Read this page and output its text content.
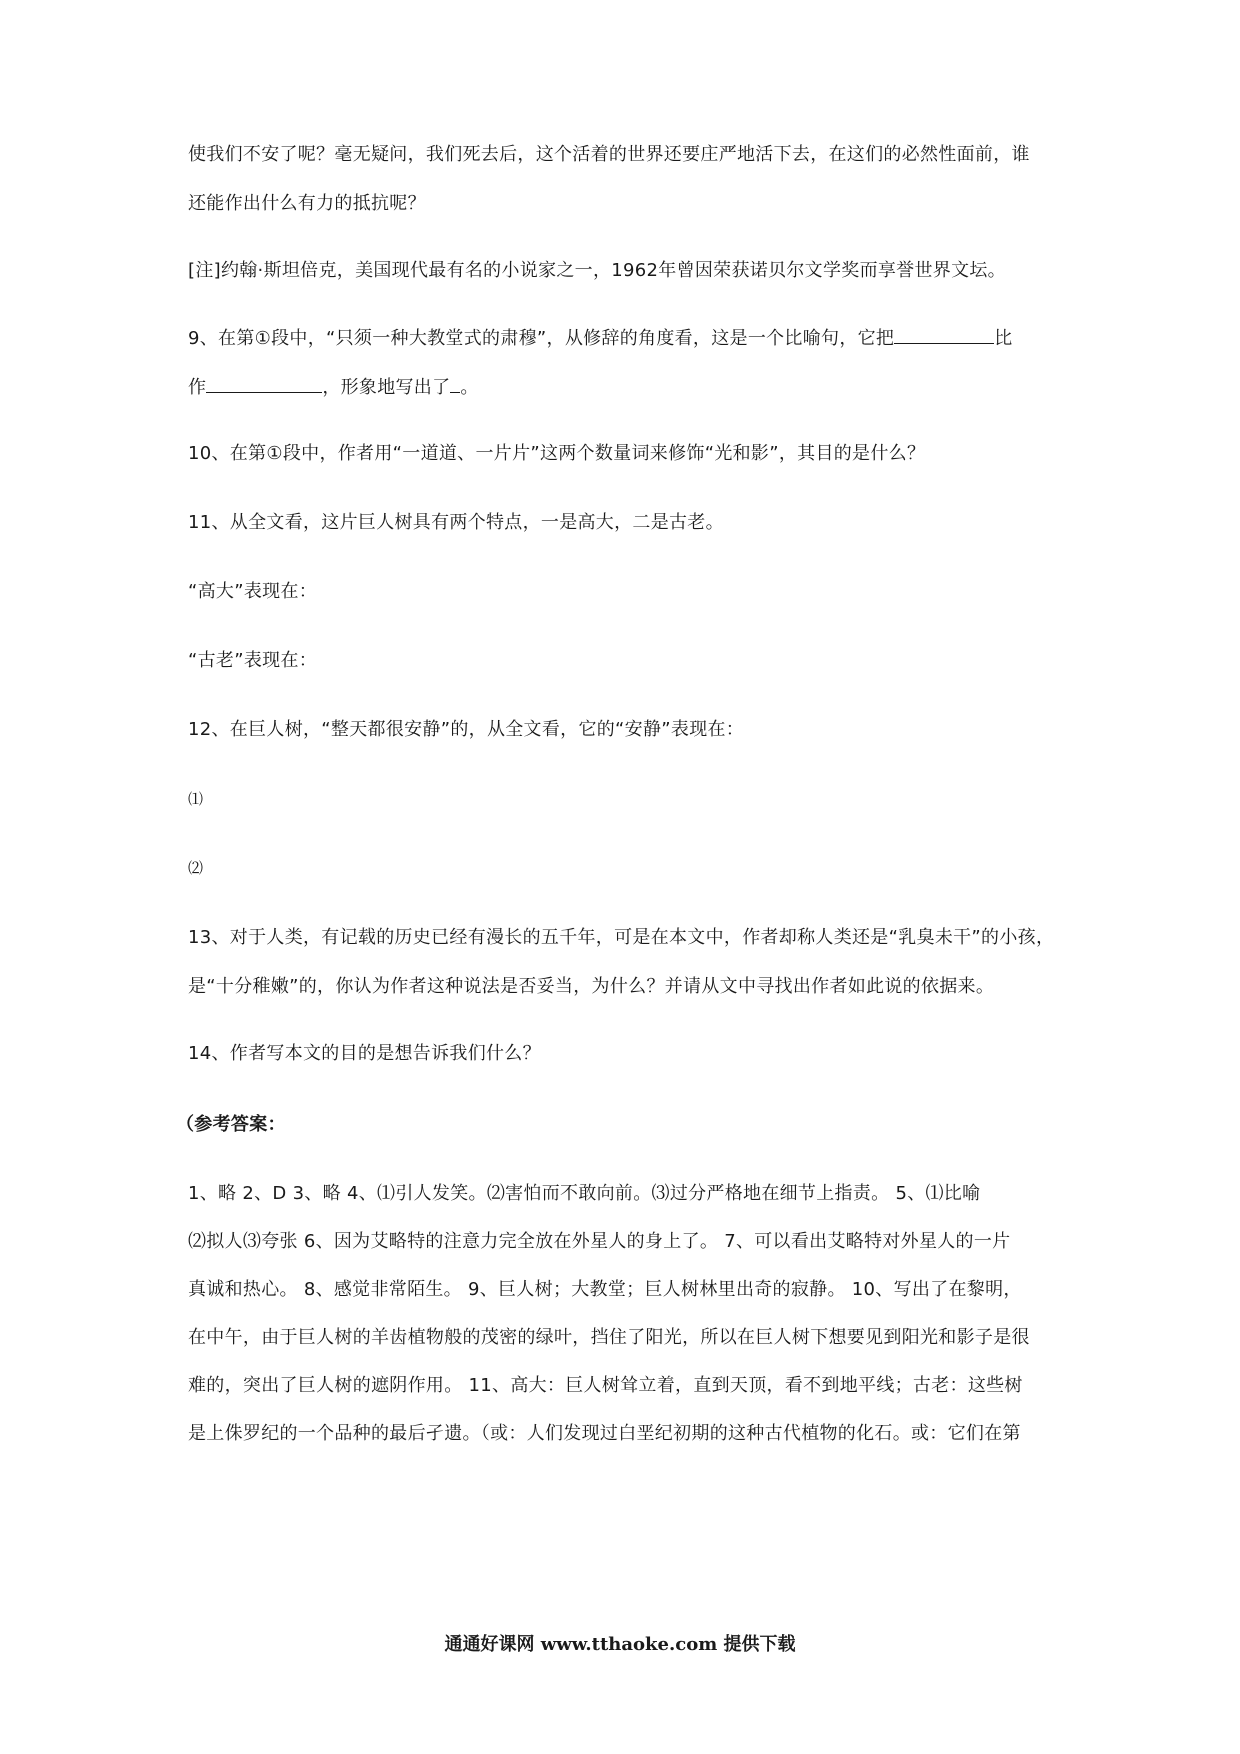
使我们不安了呢？毫无疑问，我们死去后，这个活着的世界还要庄严地活下去，在这们的必然性面前，谁
还能作出什么有力的抵抗呢？
[注]约翰·斯坦倍克，美国现代最有名的小说家之一，1962年曾因荣获诺贝尔文学奖而享誉世界文坛。
9、在第①段中，“只须一种大教堂式的肃穆”，从修辞的角度看，这是一个比喻句，它把	比
作	，形象地写出了 。
10、在第①段中，作者用“一道道、一片片”这两个数量词来修饰“光和影”，其目的是什么？
11、从全文看，这片巨人树具有两个特点，一是高大，二是古老。
“高大”表现在：
“古老”表现在：
12、在巨人树，“整天都很安静”的，从全文看，它的“安静”表现在：
⑴
⑵
13、对于人类，有记载的历史已经有漫长的五千年，可是在本文中，作者却称人类还是“乳臭未干”的小孩，
是“十分稚嫩”的，你认为作者这种说法是否妥当，为什么？并请从文中寻找出作者如此说的依据来。
14、作者写本文的目的是想告诉我们什么？
（参考答案：
1、略 2、D 3、略 4、⑴引人发笑。⑵害怕而不敢向前。⑶过分严格地在细节上指责。 5、⑴比喻
⑵拟人⑶夸张 6、因为艾略特的注意力完全放在外星人的身上了。 7、可以看出艾略特对外星人的一片
真诚和热心。 8、感觉非常陌生。 9、巨人树；大教堂；巨人树林里出奇的寂静。 10、写出了在黎明，
在中午，由于巨人树的羊齿植物般的茂密的绿叶，挡住了阳光，所以在巨人树下想要见到阳光和影子是很
难的，突出了巨人树的遮阴作用。 11、高大：巨人树耸立着，直到天顶，看不到地平线；古老：这些树
是上侏罗纪的一个品种的最后孑遗。（或：人们发现过白垩纪初期的这种古代植物的化石。或：它们在第
通通好课网 www.tthaoke.com 提供下载
